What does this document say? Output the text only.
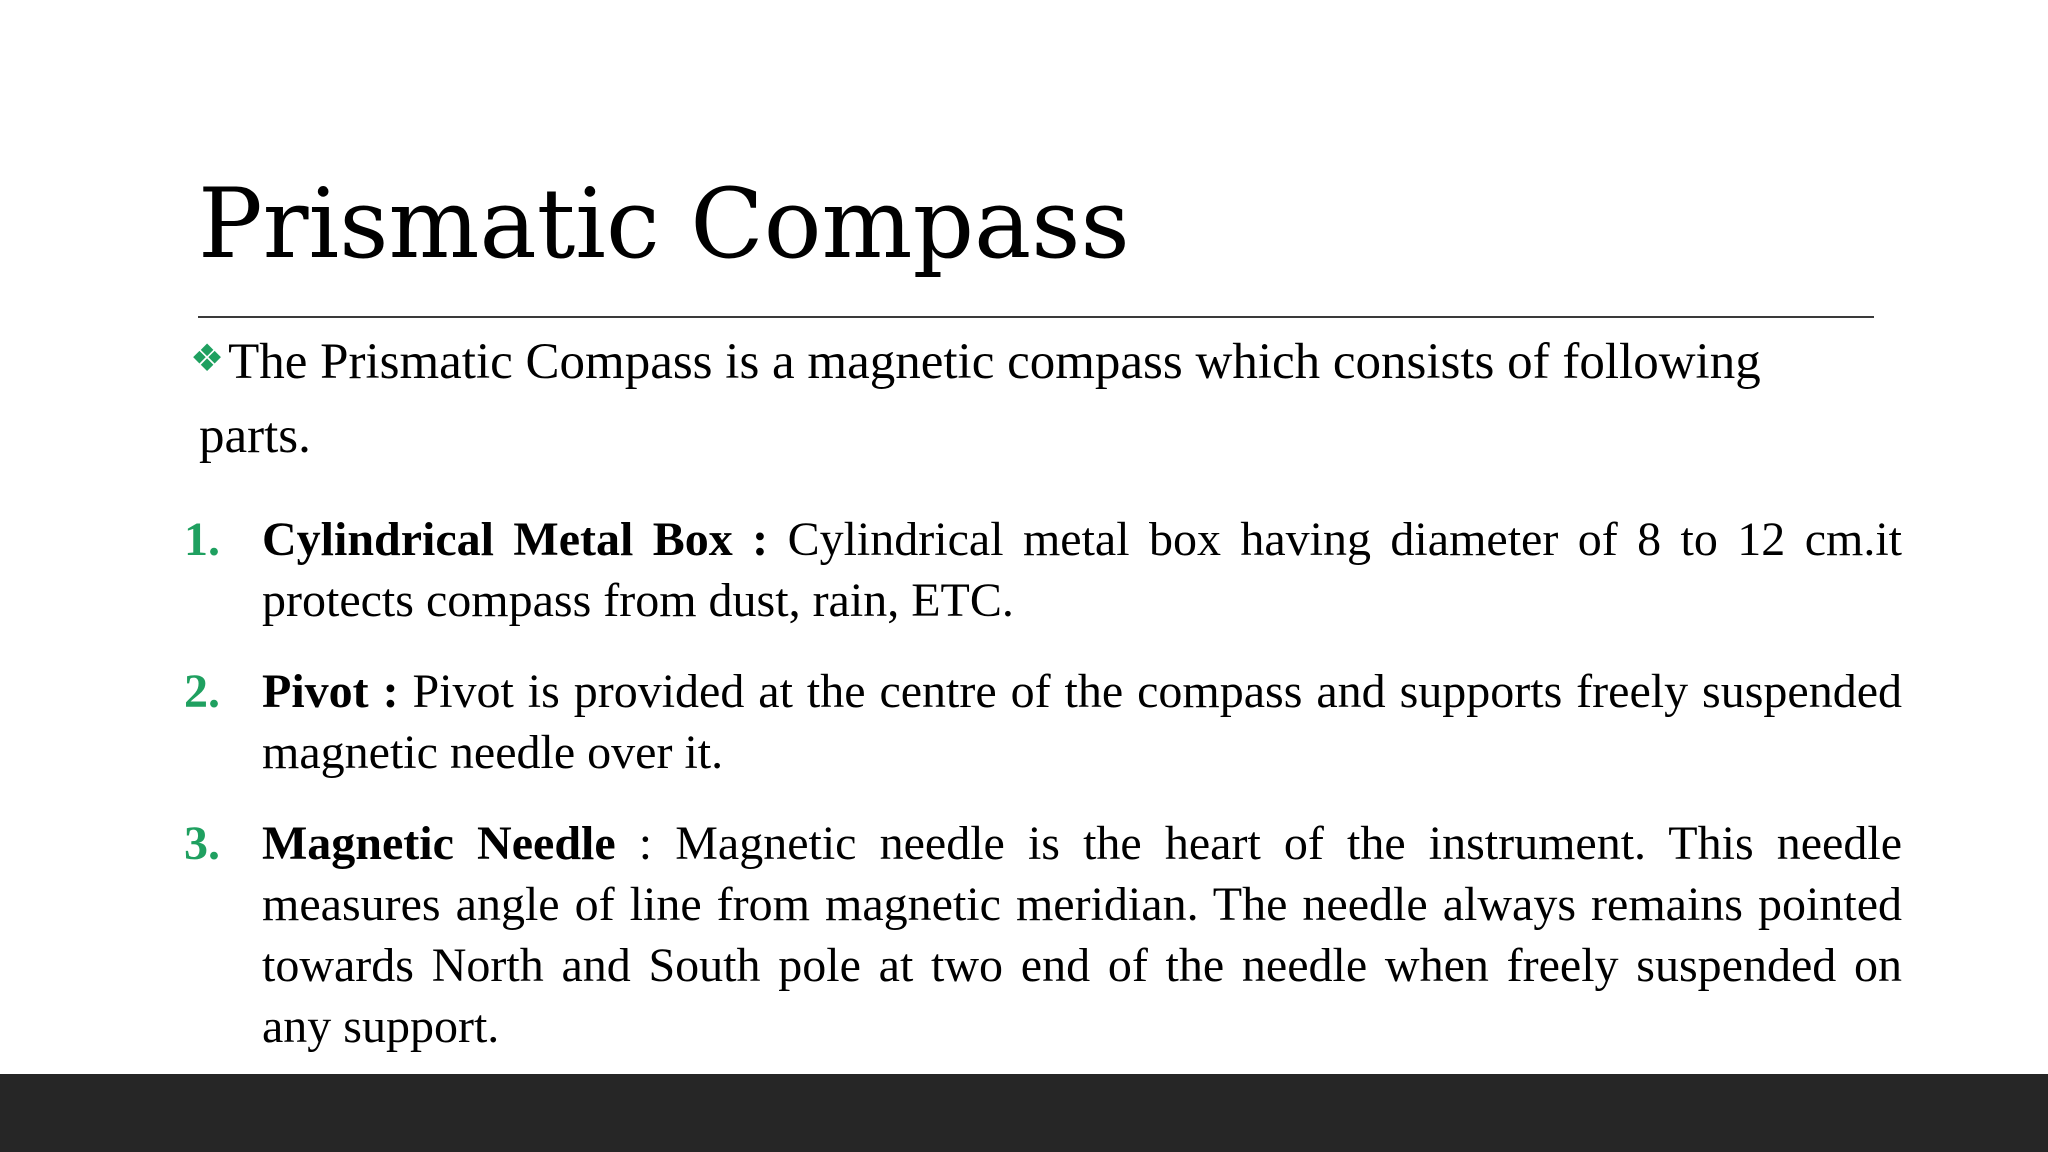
Prismatic Compass

❖The Prismatic Compass is a magnetic compass which consists of following
parts.

1. Cylindrical Metal Box : Cylindrical metal box having diameter of 8 to 12 cm.it protects compass from dust, rain, ETC.
2. Pivot : Pivot is provided at the centre of the compass and supports freely suspended magnetic needle over it.
3. Magnetic Needle : Magnetic needle is the heart of the instrument. This needle measures angle of line from magnetic meridian. The needle always remains pointed towards North and South pole at two end of the needle when freely suspended on any support.
